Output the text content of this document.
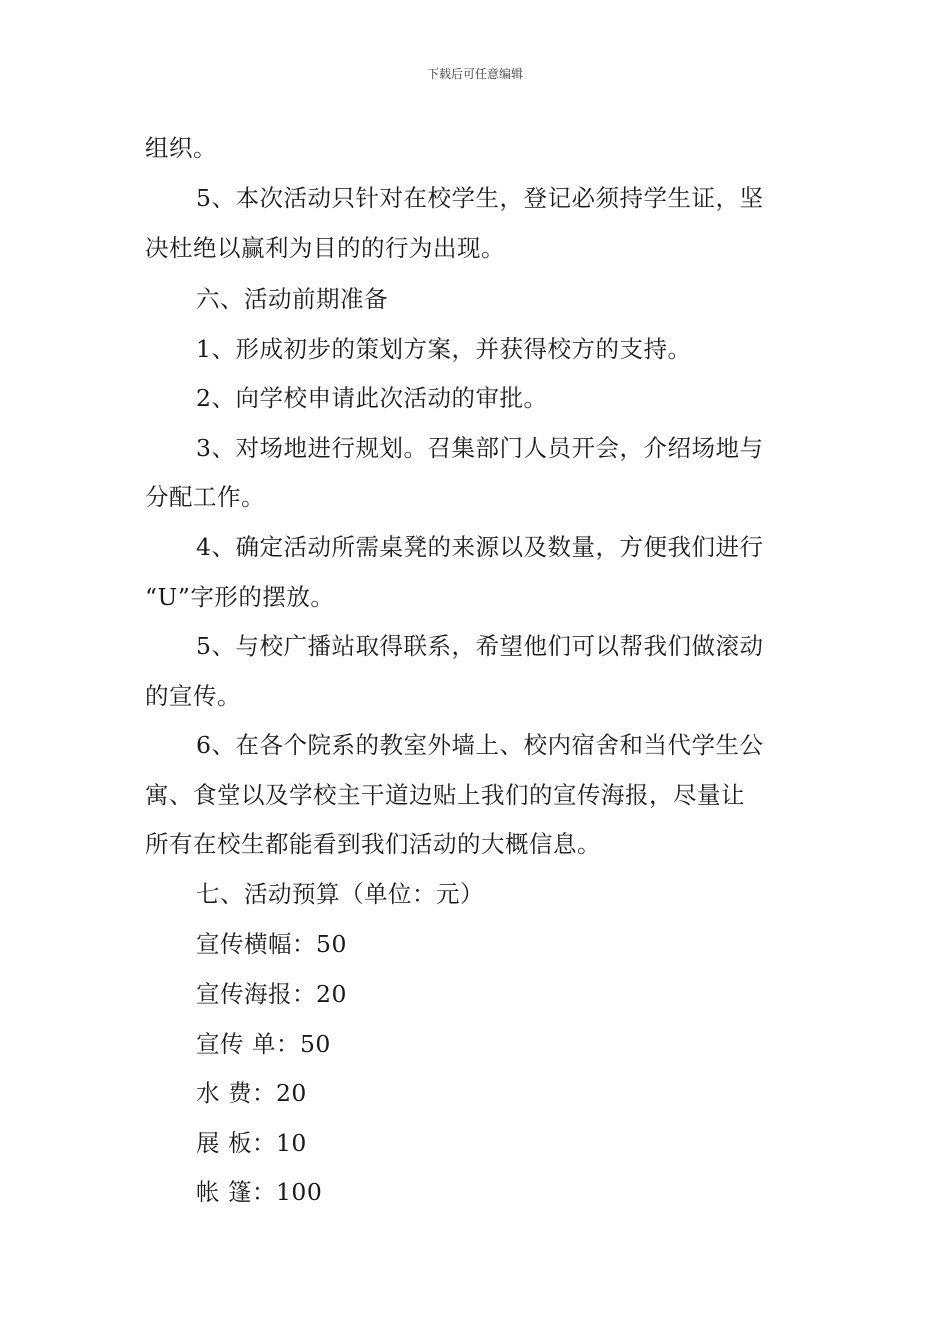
下载后可任意编辑
组织。
5、本次活动只针对在校学生，登记必须持学生证，坚
决杜绝以赢利为目的的行为出现。
六、活动前期准备
1、形成初步的策划方案，并获得校方的支持。
2、向学校申请此次活动的审批。
3、对场地进行规划。召集部门人员开会，介绍场地与
分配工作。
4、确定活动所需桌凳的来源以及数量，方便我们进行
“U”字形的摆放。
5、与校广播站取得联系，希望他们可以帮我们做滚动
的宣传。
6、在各个院系的教室外墙上、校内宿舍和当代学生公
寓、食堂以及学校主干道边贴上我们的宣传海报，尽量让
所有在校生都能看到我们活动的大概信息。
七、活动预算（单位：元）
宣传横幅：50
宣传海报：20
宣传 单：50
水 费：20
展 板：10
帐 篷：100
